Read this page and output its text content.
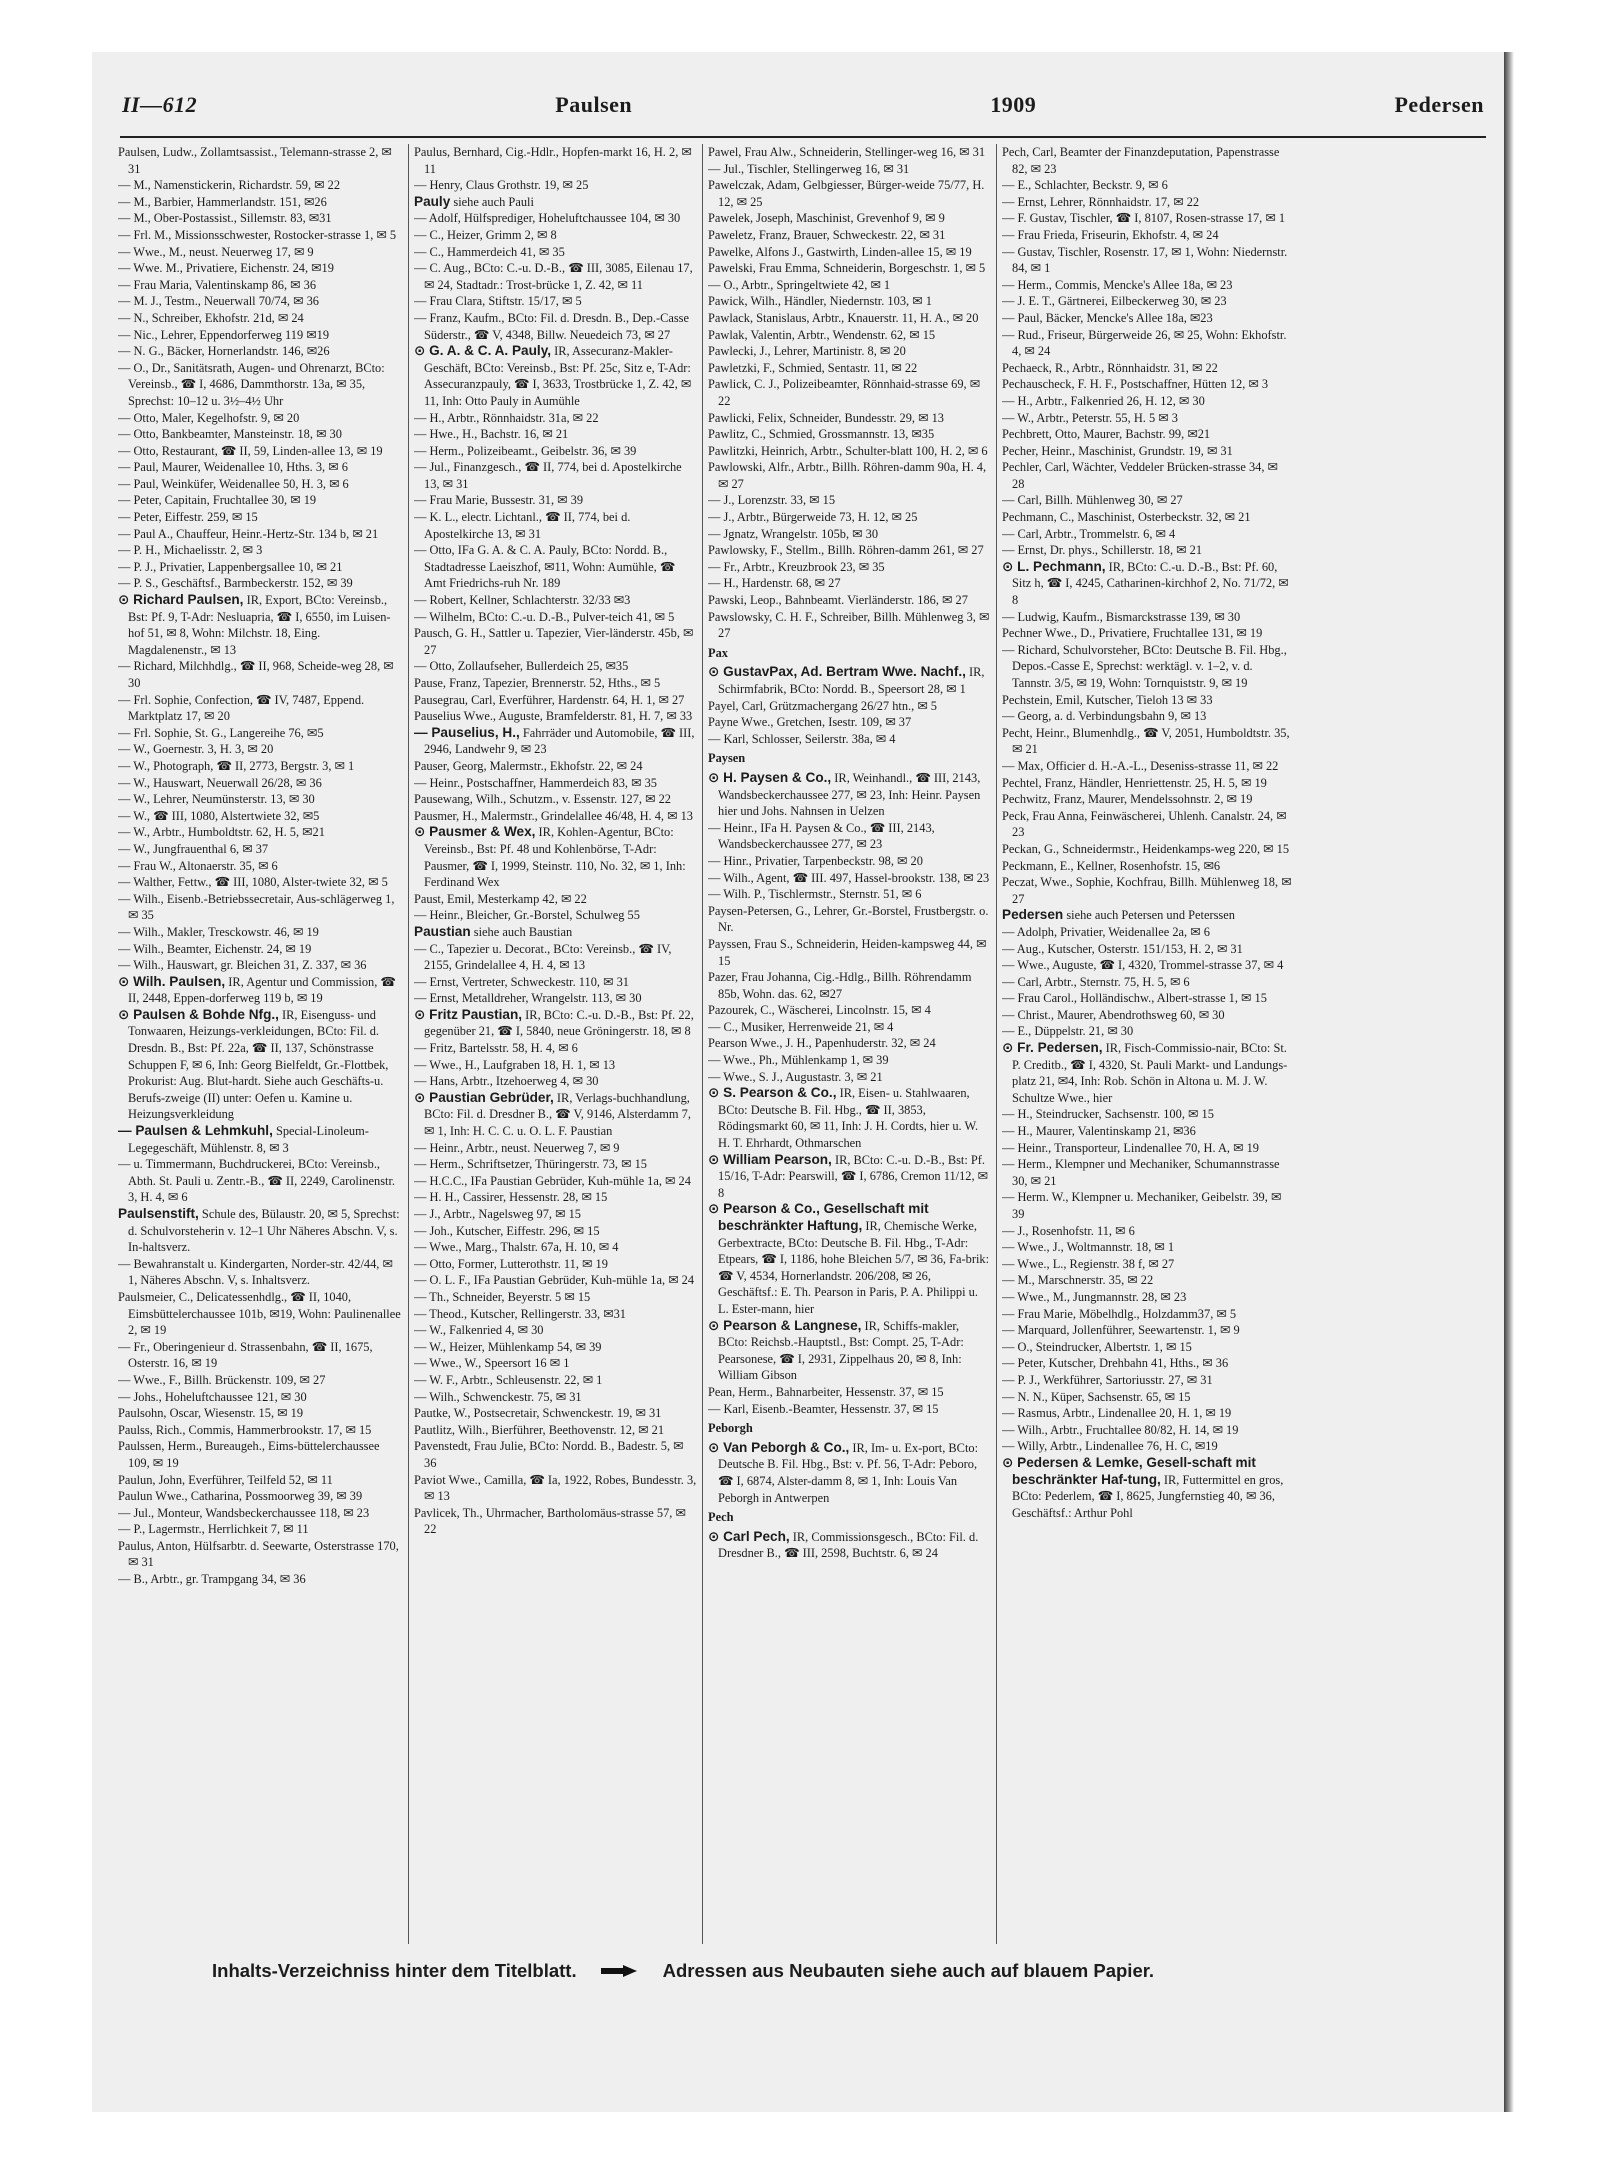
II—612	Paulsen	1909	Pedersen

Paulsen, Ludw., Zollamtsassist., Telemann-strasse 2, ✉ 31

— M., Namenstickerin, Richardstr. 59, ✉ 22

— M., Barbier, Hammerlandstr. 151, ✉26

— M., Ober-Postassist., Sillemstr. 83, ✉31

— Frl. M., Missionsschwester, Rostocker-strasse 1, ✉ 5

— Wwe., M., neust. Neuerweg 17, ✉ 9

— Wwe. M., Privatiere, Eichenstr. 24, ✉19

— Frau Maria, Valentinskamp 86, ✉ 36

— M. J., Testm., Neuerwall 70/74, ✉ 36

— N., Schreiber, Ekhofstr. 21d, ✉ 24

— Nic., Lehrer, Eppendorferweg 119 ✉19

— N. G., Bäcker, Hornerlandstr. 146, ✉26

— O., Dr., Sanitätsrath, Augen- und Ohrenarzt, BCto: Vereinsb., ☎ I, 4686, Dammthorstr. 13a, ✉ 35, Sprechst: 10–12 u. 3½–4½ Uhr

— Otto, Maler, Kegelhofstr. 9, ✉ 20

— Otto, Bankbeamter, Mansteinstr. 18, ✉ 30

— Otto, Restaurant, ☎ II, 59, Linden-allee 13, ✉ 19

— Paul, Maurer, Weidenallee 10, Hths. 3, ✉ 6

— Paul, Weinküfer, Weidenallee 50, H. 3, ✉ 6

— Peter, Capitain, Fruchtallee 30, ✉ 19

— Peter, Eiffestr. 259, ✉ 15

— Paul A., Chauffeur, Heinr.-Hertz-Str. 134 b, ✉ 21

— P. H., Michaelisstr. 2, ✉ 3

— P. J., Privatier, Lappenbergsallee 10, ✉ 21

— P. S., Geschäftsf., Barmbeckerstr. 152, ✉ 39

⊙ Richard Paulsen, IR, Export, BCto: Vereinsb., Bst: Pf. 9, T-Adr: Nesluapria, ☎ I, 6550, im Luisen-hof 51, ✉ 8, Wohn: Milchstr. 18, Eing. Magdalenenstr., ✉ 13

— Richard, Milchhdlg., ☎ II, 968, Scheide-weg 28, ✉ 30

— Frl. Sophie, Confection, ☎ IV, 7487, Eppend. Marktplatz 17, ✉ 20

— Frl. Sophie, St. G., Langereihe 76, ✉5

— W., Goernestr. 3, H. 3, ✉ 20

— W., Photograph, ☎ II, 2773, Bergstr. 3, ✉ 1

— W., Hauswart, Neuerwall 26/28, ✉ 36

— W., Lehrer, Neumünsterstr. 13, ✉ 30

— W., ☎ III, 1080, Alstertwiete 32, ✉5

— W., Arbtr., Humboldtstr. 62, H. 5, ✉21

— W., Jungfrauenthal 6, ✉ 37

— Frau W., Altonaerstr. 35, ✉ 6

— Walther, Fettw., ☎ III, 1080, Alster-twiete 32, ✉ 5

— Wilh., Eisenb.-Betriebssecretair, Aus-schlägerweg 1, ✉ 35

— Wilh., Makler, Tresckowstr. 46, ✉ 19

— Wilh., Beamter, Eichenstr. 24, ✉ 19

— Wilh., Hauswart, gr. Bleichen 31, Z. 337, ✉ 36

⊙ Wilh. Paulsen, IR, Agentur und Commission, ☎ II, 2448, Eppen-dorferweg 119 b, ✉ 19

⊙ Paulsen & Bohde Nfg., IR, Eisenguss- und Tonwaaren, Heizungs-verkleidungen, BCto: Fil. d. Dresdn. B., Bst: Pf. 22a, ☎ II, 137, Schönstrasse Schuppen F, ✉ 6, Inh: Georg Bielfeldt, Gr.-Flottbek, Prokurist: Aug. Blut-hardt. Siehe auch Geschäfts-u. Berufs-zweige (II) unter: Oefen u. Kamine u. Heizungsverkleidung

— Paulsen & Lehmkuhl, Special-Linoleum-Legegeschäft, Mühlenstr. 8, ✉ 3

— u. Timmermann, Buchdruckerei, BCto: Vereinsb., Abth. St. Pauli u. Zentr.-B., ☎ II, 2249, Carolinenstr. 3, H. 4, ✉ 6

Paulsenstift, Schule des, Bülaustr. 20, ✉ 5, Sprechst: d. Schulvorsteherin v. 12–1 Uhr Näheres Abschn. V, s. In-haltsverz.

— Bewahranstalt u. Kindergarten, Norder-str. 42/44, ✉ 1, Näheres Abschn. V, s. Inhaltsverz.

Paulsmeier, C., Delicatessenhdlg., ☎ II, 1040, Eimsbüttelerchaussee 101b, ✉19, Wohn: Paulinenallee 2, ✉ 19

— Fr., Oberingenieur d. Strassenbahn, ☎ II, 1675, Osterstr. 16, ✉ 19

— Wwe., F., Billh. Brückenstr. 109, ✉ 27

— Johs., Hoheluftchaussee 121, ✉ 30

Paulsohn, Oscar, Wiesenstr. 15, ✉ 19

Paulss, Rich., Commis, Hammerbrookstr. 17, ✉ 15

Paulssen, Herm., Bureaugeh., Eims-büttelerchaussee 109, ✉ 19

Paulun, John, Everführer, Teilfeld 52, ✉ 11

Paulun Wwe., Catharina, Possmoorweg 39, ✉ 39

— Jul., Monteur, Wandsbeckerchaussee 118, ✉ 23

— P., Lagermstr., Herrlichkeit 7, ✉ 11

Paulus, Anton, Hülfsarbtr. d. Seewarte, Osterstrasse 170, ✉ 31

— B., Arbtr., gr. Trampgang 34, ✉ 36

Paulus, Bernhard, Cig.-Hdlr., Hopfen-markt 16, H. 2, ✉ 11

— Henry, Claus Grothstr. 19, ✉ 25

Pauly siehe auch Pauli

— Adolf, Hülfsprediger, Hoheluftchaussee 104, ✉ 30

— C., Heizer, Grimm 2, ✉ 8

— C., Hammerdeich 41, ✉ 35

— C. Aug., BCto: C.-u. D.-B., ☎ III, 3085, Eilenau 17, ✉ 24, Stadtadr.: Trost-brücke 1, Z. 42, ✉ 11

— Frau Clara, Stiftstr. 15/17, ✉ 5

— Franz, Kaufm., BCto: Fil. d. Dresdn. B., Dep.-Casse Süderstr., ☎ V, 4348, Billw. Neuedeich 73, ✉ 27

⊙ G. A. & C. A. Pauly, IR, Assecuranz-Makler-Geschäft, BCto: Vereinsb., Bst: Pf. 25c, Sitz e, T-Adr: Assecuranzpauly, ☎ I, 3633, Trostbrücke 1, Z. 42, ✉ 11, Inh: Otto Pauly in Aumühle

— H., Arbtr., Rönnhaidstr. 31a, ✉ 22

— Hwe., H., Bachstr. 16, ✉ 21

— Herm., Polizeibeamt., Geibelstr. 36, ✉ 39

— Jul., Finanzgesch., ☎ II, 774, bei d. Apostelkirche 13, ✉ 31

— Frau Marie, Bussestr. 31, ✉ 39

— K. L., electr. Lichtanl., ☎ II, 774, bei d. Apostelkirche 13, ✉ 31

— Otto, IFa G. A. & C. A. Pauly, BCto: Nordd. B., Stadtadresse Laeiszhof, ✉11, Wohn: Aumühle, ☎ Amt Friedrichs-ruh Nr. 189

— Robert, Kellner, Schlachterstr. 32/33 ✉3

— Wilhelm, BCto: C.-u. D.-B., Pulver-teich 41, ✉ 5

Pausch, G. H., Sattler u. Tapezier, Vier-länderstr. 45b, ✉ 27

— Otto, Zollaufseher, Bullerdeich 25, ✉35

Pause, Franz, Tapezier, Brennerstr. 52, Hths., ✉ 5

Pausegrau, Carl, Everführer, Hardenstr. 64, H. 1, ✉ 27

Pauselius Wwe., Auguste, Bramfelderstr. 81, H. 7, ✉ 33

— Pauselius, H., Fahrräder und Automobile, ☎ III, 2946, Landwehr 9, ✉ 23

Pauser, Georg, Malermstr., Ekhofstr. 22, ✉ 24

— Heinr., Postschaffner, Hammerdeich 83, ✉ 35

Pausewang, Wilh., Schutzm., v. Essenstr. 127, ✉ 22

Pausmer, H., Malermstr., Grindelallee 46/48, H. 4, ✉ 13

⊙ Pausmer & Wex, IR, Kohlen-Agentur, BCto: Vereinsb., Bst: Pf. 48 und Kohlenbörse, T-Adr: Pausmer, ☎ I, 1999, Steinstr. 110, No. 32, ✉ 1, Inh: Ferdinand Wex

Paust, Emil, Mesterkamp 42, ✉ 22

— Heinr., Bleicher, Gr.-Borstel, Schulweg 55

Paustian siehe auch Baustian

— C., Tapezier u. Decorat., BCto: Vereinsb., ☎ IV, 2155, Grindelallee 4, H. 4, ✉ 13

— Ernst, Vertreter, Schweckestr. 110, ✉ 31

— Ernst, Metalldreher, Wrangelstr. 113, ✉ 30

⊙ Fritz Paustian, IR, BCto: C.-u. D.-B., Bst: Pf. 22, gegenüber 21, ☎ I, 5840, neue Gröningerstr. 18, ✉ 8

— Fritz, Bartelsstr. 58, H. 4, ✉ 6

— Wwe., H., Laufgraben 18, H. 1, ✉ 13

— Hans, Arbtr., Itzehoerweg 4, ✉ 30

⊙ Paustian Gebrüder, IR, Verlags-buchhandlung, BCto: Fil. d. Dresdner B., ☎ V, 9146, Alsterdamm 7, ✉ 1, Inh: H. C. C. u. O. L. F. Paustian

— Heinr., Arbtr., neust. Neuerweg 7, ✉ 9

— Herm., Schriftsetzer, Thüringerstr. 73, ✉ 15

— H.C.C., IFa Paustian Gebrüder, Kuh-mühle 1a, ✉ 24

— H. H., Cassirer, Hessenstr. 28, ✉ 15

— J., Arbtr., Nagelsweg 97, ✉ 15

— Joh., Kutscher, Eiffestr. 296, ✉ 15

— Wwe., Marg., Thalstr. 67a, H. 10, ✉ 4

— Otto, Former, Lutterothstr. 11, ✉ 19

— O. L. F., IFa Paustian Gebrüder, Kuh-mühle 1a, ✉ 24

— Th., Schneider, Beyerstr. 5 ✉ 15

— Theod., Kutscher, Rellingerstr. 33, ✉31

— W., Falkenried 4, ✉ 30

— W., Heizer, Mühlenkamp 54, ✉ 39

— Wwe., W., Speersort 16 ✉ 1

— W. F., Arbtr., Schleusenstr. 22, ✉ 1

— Wilh., Schwenckestr. 75, ✉ 31

Pautke, W., Postsecretair, Schwenckestr. 19, ✉ 31

Pautlitz, Wilh., Bierführer, Beethovenstr. 12, ✉ 21

Pavenstedt, Frau Julie, BCto: Nordd. B., Badestr. 5, ✉ 36

Paviot Wwe., Camilla, ☎ Ia, 1922, Robes, Bundesstr. 3, ✉ 13

Pavlicek, Th., Uhrmacher, Bartholomäus-strasse 57, ✉ 22

Pawel, Frau Alw., Schneiderin, Stellinger-weg 16, ✉ 31

— Jul., Tischler, Stellingerweg 16, ✉ 31

Pawelczak, Adam, Gelbgiesser, Bürger-weide 75/77, H. 12, ✉ 25

Pawelek, Joseph, Maschinist, Grevenhof 9, ✉ 9

Paweletz, Franz, Brauer, Schweckestr. 22, ✉ 31

Pawelke, Alfons J., Gastwirth, Linden-allee 15, ✉ 19

Pawelski, Frau Emma, Schneiderin, Borgeschstr. 1, ✉ 5

— O., Arbtr., Springeltwiete 42, ✉ 1

Pawick, Wilh., Händler, Niedernstr. 103, ✉ 1

Pawlack, Stanislaus, Arbtr., Knauerstr. 11, H. A., ✉ 20

Pawlak, Valentin, Arbtr., Wendenstr. 62, ✉ 15

Pawlecki, J., Lehrer, Martinistr. 8, ✉ 20

Pawletzki, F., Schmied, Sentastr. 11, ✉ 22

Pawlick, C. J., Polizeibeamter, Rönnhaid-strasse 69, ✉ 22

Pawlicki, Felix, Schneider, Bundesstr. 29, ✉ 13

Pawlitz, C., Schmied, Grossmannstr. 13, ✉35

Pawlitzki, Heinrich, Arbtr., Schulter-blatt 100, H. 2, ✉ 6

Pawlowski, Alfr., Arbtr., Billh. Röhren-damm 90a, H. 4, ✉ 27

— J., Lorenzstr. 33, ✉ 15

— J., Arbtr., Bürgerweide 73, H. 12, ✉ 25

— Jgnatz, Wrangelstr. 105b, ✉ 30

Pawlowsky, F., Stellm., Billh. Röhren-damm 261, ✉ 27

— Fr., Arbtr., Kreuzbrook 23, ✉ 35

— H., Hardenstr. 68, ✉ 27

Pawski, Leop., Bahnbeamt. Vierländerstr. 186, ✉ 27

Pawslowsky, C. H. F., Schreiber, Billh. Mühlenweg 3, ✉ 27

Pax

⊙ GustavPax, Ad. Bertram Wwe. Nachf., IR, Schirmfabrik, BCto: Nordd. B., Speersort 28, ✉ 1

Payel, Carl, Grützmachergang 26/27 htn., ✉ 5

Payne Wwe., Gretchen, Isestr. 109, ✉ 37

— Karl, Schlosser, Seilerstr. 38a, ✉ 4

Paysen

⊙ H. Paysen & Co., IR, Weinhandl., ☎ III, 2143, Wandsbeckerchaussee 277, ✉ 23, Inh: Heinr. Paysen hier und Johs. Nahnsen in Uelzen

— Heinr., IFa H. Paysen & Co., ☎ III, 2143, Wandsbeckerchaussee 277, ✉ 23

— Hinr., Privatier, Tarpenbeckstr. 98, ✉ 20

— Wilh., Agent, ☎ III. 497, Hassel-brookstr. 138, ✉ 23

— Wilh. P., Tischlermstr., Sternstr. 51, ✉ 6

Paysen-Petersen, G., Lehrer, Gr.-Borstel, Frustbergstr. o. Nr.

Payssen, Frau S., Schneiderin, Heiden-kampsweg 44, ✉ 15

Pazer, Frau Johanna, Cig.-Hdlg., Billh. Röhrendamm 85b, Wohn. das. 62, ✉27

Pazourek, C., Wäscherei, Lincolnstr. 15, ✉ 4

— C., Musiker, Herrenweide 21, ✉ 4

Pearson Wwe., J. H., Papenhuderstr. 32, ✉ 24

— Wwe., Ph., Mühlenkamp 1, ✉ 39

— Wwe., S. J., Augustastr. 3, ✉ 21

⊙ S. Pearson & Co., IR, Eisen- u. Stahlwaaren, BCto: Deutsche B. Fil. Hbg., ☎ II, 3853, Rödingsmarkt 60, ✉ 11, Inh: J. H. Cordts, hier u. W. H. T. Ehrhardt, Othmarschen

⊙ William Pearson, IR, BCto: C.-u. D.-B., Bst: Pf. 15/16, T-Adr: Pearswill, ☎ I, 6786, Cremon 11/12, ✉ 8

⊙ Pearson & Co., Gesellschaft mit beschränkter Haftung, IR, Chemische Werke, Gerbextracte, BCto: Deutsche B. Fil. Hbg., T-Adr: Etpears, ☎ I, 1186, hohe Bleichen 5/7, ✉ 36, Fa-brik: ☎ V, 4534, Hornerlandstr. 206/208, ✉ 26, Geschäftsf.: E. Th. Pearson in Paris, P. A. Philippi u. L. Ester-mann, hier

⊙ Pearson & Langnese, IR, Schiffs-makler, BCto: Reichsb.-Hauptstl., Bst: Compt. 25, T-Adr: Pearsonese, ☎ I, 2931, Zippelhaus 20, ✉ 8, Inh: William Gibson

Pean, Herm., Bahnarbeiter, Hessenstr. 37, ✉ 15

— Karl, Eisenb.-Beamter, Hessenstr. 37, ✉ 15

Peborgh

⊙ Van Peborgh & Co., IR, Im- u. Ex-port, BCto: Deutsche B. Fil. Hbg., Bst: v. Pf. 56, T-Adr: Peboro, ☎ I, 6874, Alster-damm 8, ✉ 1, Inh: Louis Van Peborgh in Antwerpen

Pech

⊙ Carl Pech, IR, Commissionsgesch., BCto: Fil. d. Dresdner B., ☎ III, 2598, Buchtstr. 6, ✉ 24

Pech, Carl, Beamter der Finanzdeputation, Papenstrasse 82, ✉ 23

— E., Schlachter, Beckstr. 9, ✉ 6

— Ernst, Lehrer, Rönnhaidstr. 17, ✉ 22

— F. Gustav, Tischler, ☎ I, 8107, Rosen-strasse 17, ✉ 1

— Frau Frieda, Friseurin, Ekhofstr. 4, ✉ 24

— Gustav, Tischler, Rosenstr. 17, ✉ 1, Wohn: Niedernstr. 84, ✉ 1

— Herm., Commis, Mencke's Allee 18a, ✉ 23

— J. E. T., Gärtnerei, Eilbeckerweg 30, ✉ 23

— Paul, Bäcker, Mencke's Allee 18a, ✉23

— Rud., Friseur, Bürgerweide 26, ✉ 25, Wohn: Ekhofstr. 4, ✉ 24

Pechaeck, R., Arbtr., Rönnhaidstr. 31, ✉ 22

Pechauscheck, F. H. F., Postschaffner, Hütten 12, ✉ 3

— H., Arbtr., Falkenried 26, H. 12, ✉ 30

— W., Arbtr., Peterstr. 55, H. 5 ✉ 3

Pechbrett, Otto, Maurer, Bachstr. 99, ✉21

Pecher, Heinr., Maschinist, Grundstr. 19, ✉ 31

Pechler, Carl, Wächter, Veddeler Brücken-strasse 34, ✉ 28

— Carl, Billh. Mühlenweg 30, ✉ 27

Pechmann, C., Maschinist, Osterbeckstr. 32, ✉ 21

— Carl, Arbtr., Trommelstr. 6, ✉ 4

— Ernst, Dr. phys., Schillerstr. 18, ✉ 21

⊙ L. Pechmann, IR, BCto: C.-u. D.-B., Bst: Pf. 60, Sitz h, ☎ I, 4245, Catharinen-kirchhof 2, No. 71/72, ✉ 8

— Ludwig, Kaufm., Bismarckstrasse 139, ✉ 30

Pechner Wwe., D., Privatiere, Fruchtallee 131, ✉ 19

— Richard, Schulvorsteher, BCto: Deutsche B. Fil. Hbg., Depos.-Casse E, Sprechst: werktägl. v. 1–2, v. d. Tannstr. 3/5, ✉ 19, Wohn: Tornquiststr. 9, ✉ 19

Pechstein, Emil, Kutscher, Tieloh 13 ✉ 33

— Georg, a. d. Verbindungsbahn 9, ✉ 13

Pecht, Heinr., Blumenhdlg., ☎ V, 2051, Humboldtstr. 35, ✉ 21

— Max, Officier d. H.-A.-L., Deseniss-strasse 11, ✉ 22

Pechtel, Franz, Händler, Henriettenstr. 25, H. 5, ✉ 19

Pechwitz, Franz, Maurer, Mendelssohnstr. 2, ✉ 19

Peck, Frau Anna, Feinwäscherei, Uhlenh. Canalstr. 24, ✉ 23

Peckan, G., Schneidermstr., Heidenkamps-weg 220, ✉ 15

Peckmann, E., Kellner, Rosenhofstr. 15, ✉6

Peczat, Wwe., Sophie, Kochfrau, Billh. Mühlenweg 18, ✉ 27

Pedersen siehe auch Petersen und Peterssen

— Adolph, Privatier, Weidenallee 2a, ✉ 6

— Aug., Kutscher, Osterstr. 151/153, H. 2, ✉ 31

— Wwe., Auguste, ☎ I, 4320, Trommel-strasse 37, ✉ 4

— Carl, Arbtr., Sternstr. 75, H. 5, ✉ 6

— Frau Carol., Holländischw., Albert-strasse 1, ✉ 15

— Christ., Maurer, Abendrothsweg 60, ✉ 30

— E., Düppelstr. 21, ✉ 30

⊙ Fr. Pedersen, IR, Fisch-Commissio-nair, BCto: St. P. Creditb., ☎ I, 4320, St. Pauli Markt- und Landungs-platz 21, ✉4, Inh: Rob. Schön in Altona u. M. J. W. Schultze Wwe., hier

— H., Steindrucker, Sachsenstr. 100, ✉ 15

— H., Maurer, Valentinskamp 21, ✉36

— Heinr., Transporteur, Lindenallee 70, H. A, ✉ 19

— Herm., Klempner und Mechaniker, Schumannstrasse 30, ✉ 21

— Herm. W., Klempner u. Mechaniker, Geibelstr. 39, ✉ 39

— J., Rosenhofstr. 11, ✉ 6

— Wwe., J., Woltmannstr. 18, ✉ 1

— Wwe., L., Regienstr. 38 f, ✉ 27

— M., Marschnerstr. 35, ✉ 22

— Wwe., M., Jungmannstr. 28, ✉ 23

— Frau Marie, Möbelhdlg., Holzdamm37, ✉ 5

— Marquard, Jollenführer, Seewartenstr. 1, ✉ 9

— O., Steindrucker, Albertstr. 1, ✉ 15

— Peter, Kutscher, Drehbahn 41, Hths., ✉ 36

— P. J., Werkführer, Sartoriusstr. 27, ✉ 31

— N. N., Küper, Sachsenstr. 65, ✉ 15

— Rasmus, Arbtr., Lindenallee 20, H. 1, ✉ 19

— Wilh., Arbtr., Fruchtallee 80/82, H. 14, ✉ 19

— Willy, Arbtr., Lindenallee 76, H. C, ✉19

⊙ Pedersen & Lemke, Gesell-schaft mit beschränkter Haf-tung, IR, Futtermittel en gros, BCto: Pederlem, ☎ I, 8625, Jungfernstieg 40, ✉ 36, Geschäftsf.: Arthur Pohl

Inhalts-Verzeichniss hinter dem Titelblatt.	Adressen aus Neubauten siehe auch auf blauem Papier.
